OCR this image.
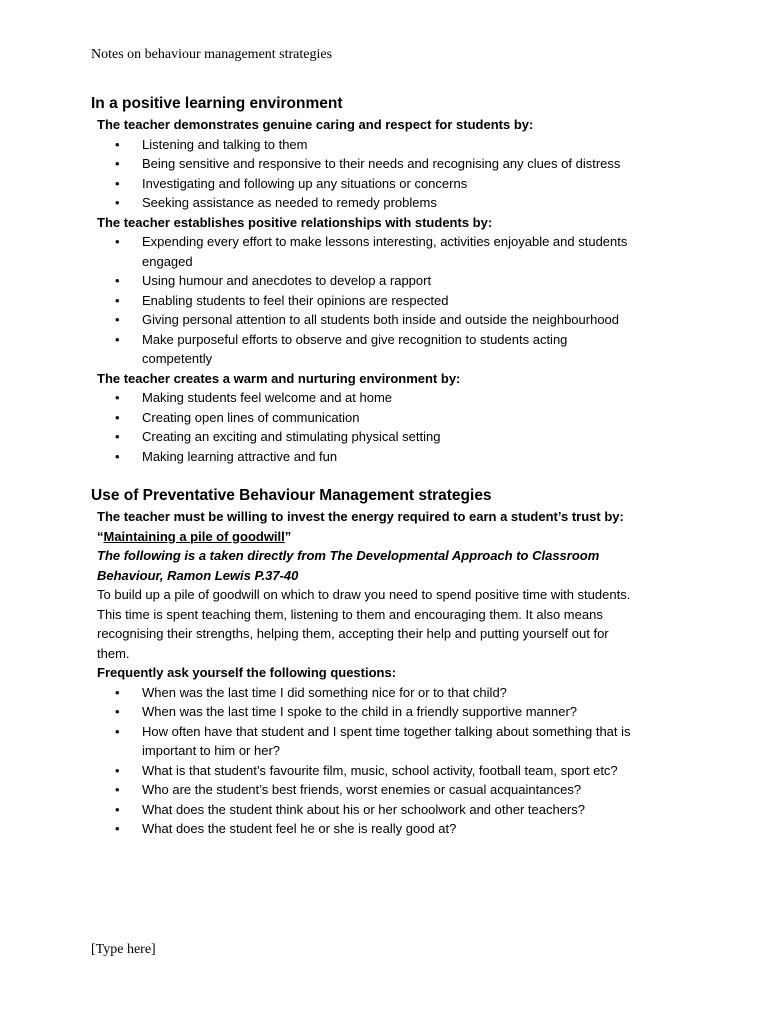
Notes on behaviour management strategies

In a positive learning environment

The teacher demonstrates genuine caring and respect for students by:

• Listening and talking to them
• Being sensitive and responsive to their needs and recognising any clues of distress
• Investigating and following up any situations or concerns
• Seeking assistance as needed to remedy problems

The teacher establishes positive relationships with students by:

• Expending every effort to make lessons interesting, activities enjoyable and students engaged
• Using humour and anecdotes to develop a rapport
• Enabling students to feel their opinions are respected
• Giving personal attention to all students both inside and outside the neighbourhood
• Make purposeful efforts to observe and give recognition to students acting competently

The teacher creates a warm and nurturing environment by:

• Making students feel welcome and at home
• Creating open lines of communication
• Creating an exciting and stimulating physical setting
• Making learning attractive and fun

Use of Preventative Behaviour Management strategies

The teacher must be willing to invest the energy required to earn a student’s trust by: “Maintaining a pile of goodwill”

The following is a taken directly from The Developmental Approach to Classroom Behaviour, Ramon Lewis P.37-40

To build up a pile of goodwill on which to draw you need to spend positive time with students. This time is spent teaching them, listening to them and encouraging them. It also means recognising their strengths, helping them, accepting their help and putting yourself out for them.

Frequently ask yourself the following questions:

• When was the last time I did something nice for or to that child?
• When was the last time I spoke to the child in a friendly supportive manner?
• How often have that student and I spent time together talking about something that is important to him or her?
• What is that student’s favourite film, music, school activity, football team, sport etc?
• Who are the student’s best friends, worst enemies or casual acquaintances?
• What does the student think about his or her schoolwork and other teachers?
• What does the student feel he or she is really good at?
[Type here]
